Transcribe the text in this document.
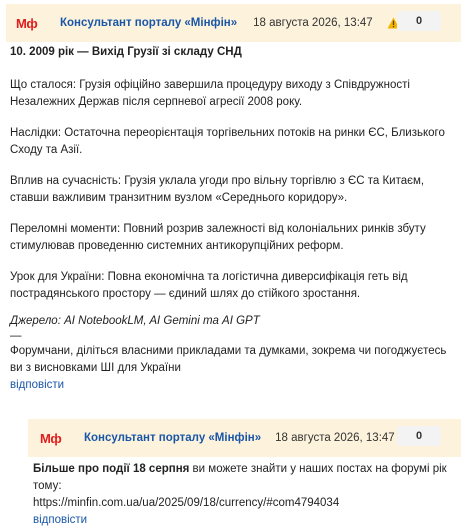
Мф	Консультант порталу «Мінфін» 18 августа 2026, 13:47	0
10. 2009 рік — Вихід Грузії зі складу СНД

Що сталося: Грузія офіційно завершила процедуру виходу з Співдружності Незалежних Держав після серпневої агресії 2008 року.

Наслідки: Остаточна переорієнтація торгівельних потоків на ринки ЄС, Близького Сходу та Азії.

Вплив на сучасність: Грузія уклала угоди про вільну торгівлю з ЄС та Китаєм, ставши важливим транзитним вузлом «Середнього коридору».

Переломні моменти: Повний розрив залежності від колоніальних ринків збуту стимулював проведенню системних антикорупційних реформ.

Урок для України: Повна економічна та логістична диверсифікація геть від пострадянського простору — єдиний шлях до стійкого зростання.

Джерело: AI NotebookLM, AI Gemini та AI GPT
—
Форумчани, діліться власними прикладами та думками, зокрема чи погоджуєтесь ви з висновками ШІ для України
відповісти
Мф	Консультант порталу «Мінфін» 18 августа 2026, 13:47	0
Більше про події 18 серпня ви можете знайти у наших постах на форумі рік тому:
https://minfin.com.ua/ua/2025/09/18/currency/#com4794034
відповісти
